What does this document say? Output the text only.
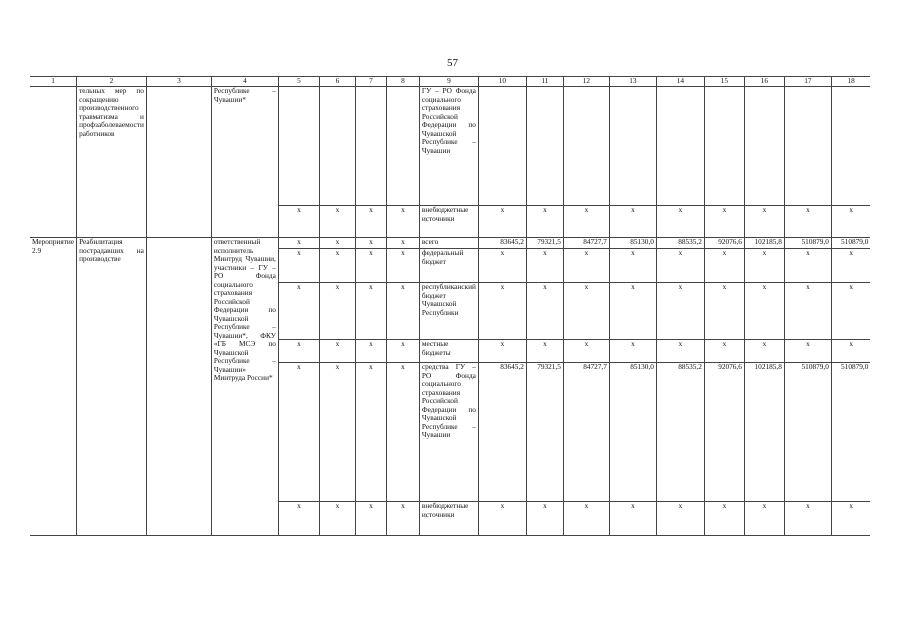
57
1	2	3	4	5	6	7	8	9	10	11	12	13	14	15	16	17	18
	тельных мер по сокращению производственного травматизма и профзаболеваемости работников		Республике – Чувашии*					ГУ – РО Фонда социального страхования Российской Федерации по Чувашской Республике – Чувашии									
				x	x	x	x	внебюджетные источники	x	x	x	x	x	x	x	x	x
Мероприятие 2.9	Реабилитация пострадавших на производстве		ответственный исполнитель Минтруд Чувашии, участники – ГУ – РО Фонда социального страхования Российской Федерации по Чувашской Республике – Чувашии*, ФКУ «ГБ МСЭ по Чувашской Республике – Чувашии» Минтруда России*	x	x	x	x	всего	83645,2	79321,5	84727,7	85130,0	88535,2	92076,6	102185,8	510879,0	510879,0
				x	x	x	x	федеральный бюджет	x	x	x	x	x	x	x	x	x
				x	x	x	x	республиканский бюджет Чувашской Республики	x	x	x	x	x	x	x	x	x
				x	x	x	x	местные бюджеты	x	x	x	x	x	x	x	x	x
				x	x	x	x	средства ГУ – РО Фонда социального страхования Российской Федерации по Чувашской Республике – Чувашии	83645,2	79321,5	84727,7	85130,0	88535,2	92076,6	102185,8	510879,0	510879,0
				x	x	x	x	внебюджетные источники	x	x	x	x	x	x	x	x	x
